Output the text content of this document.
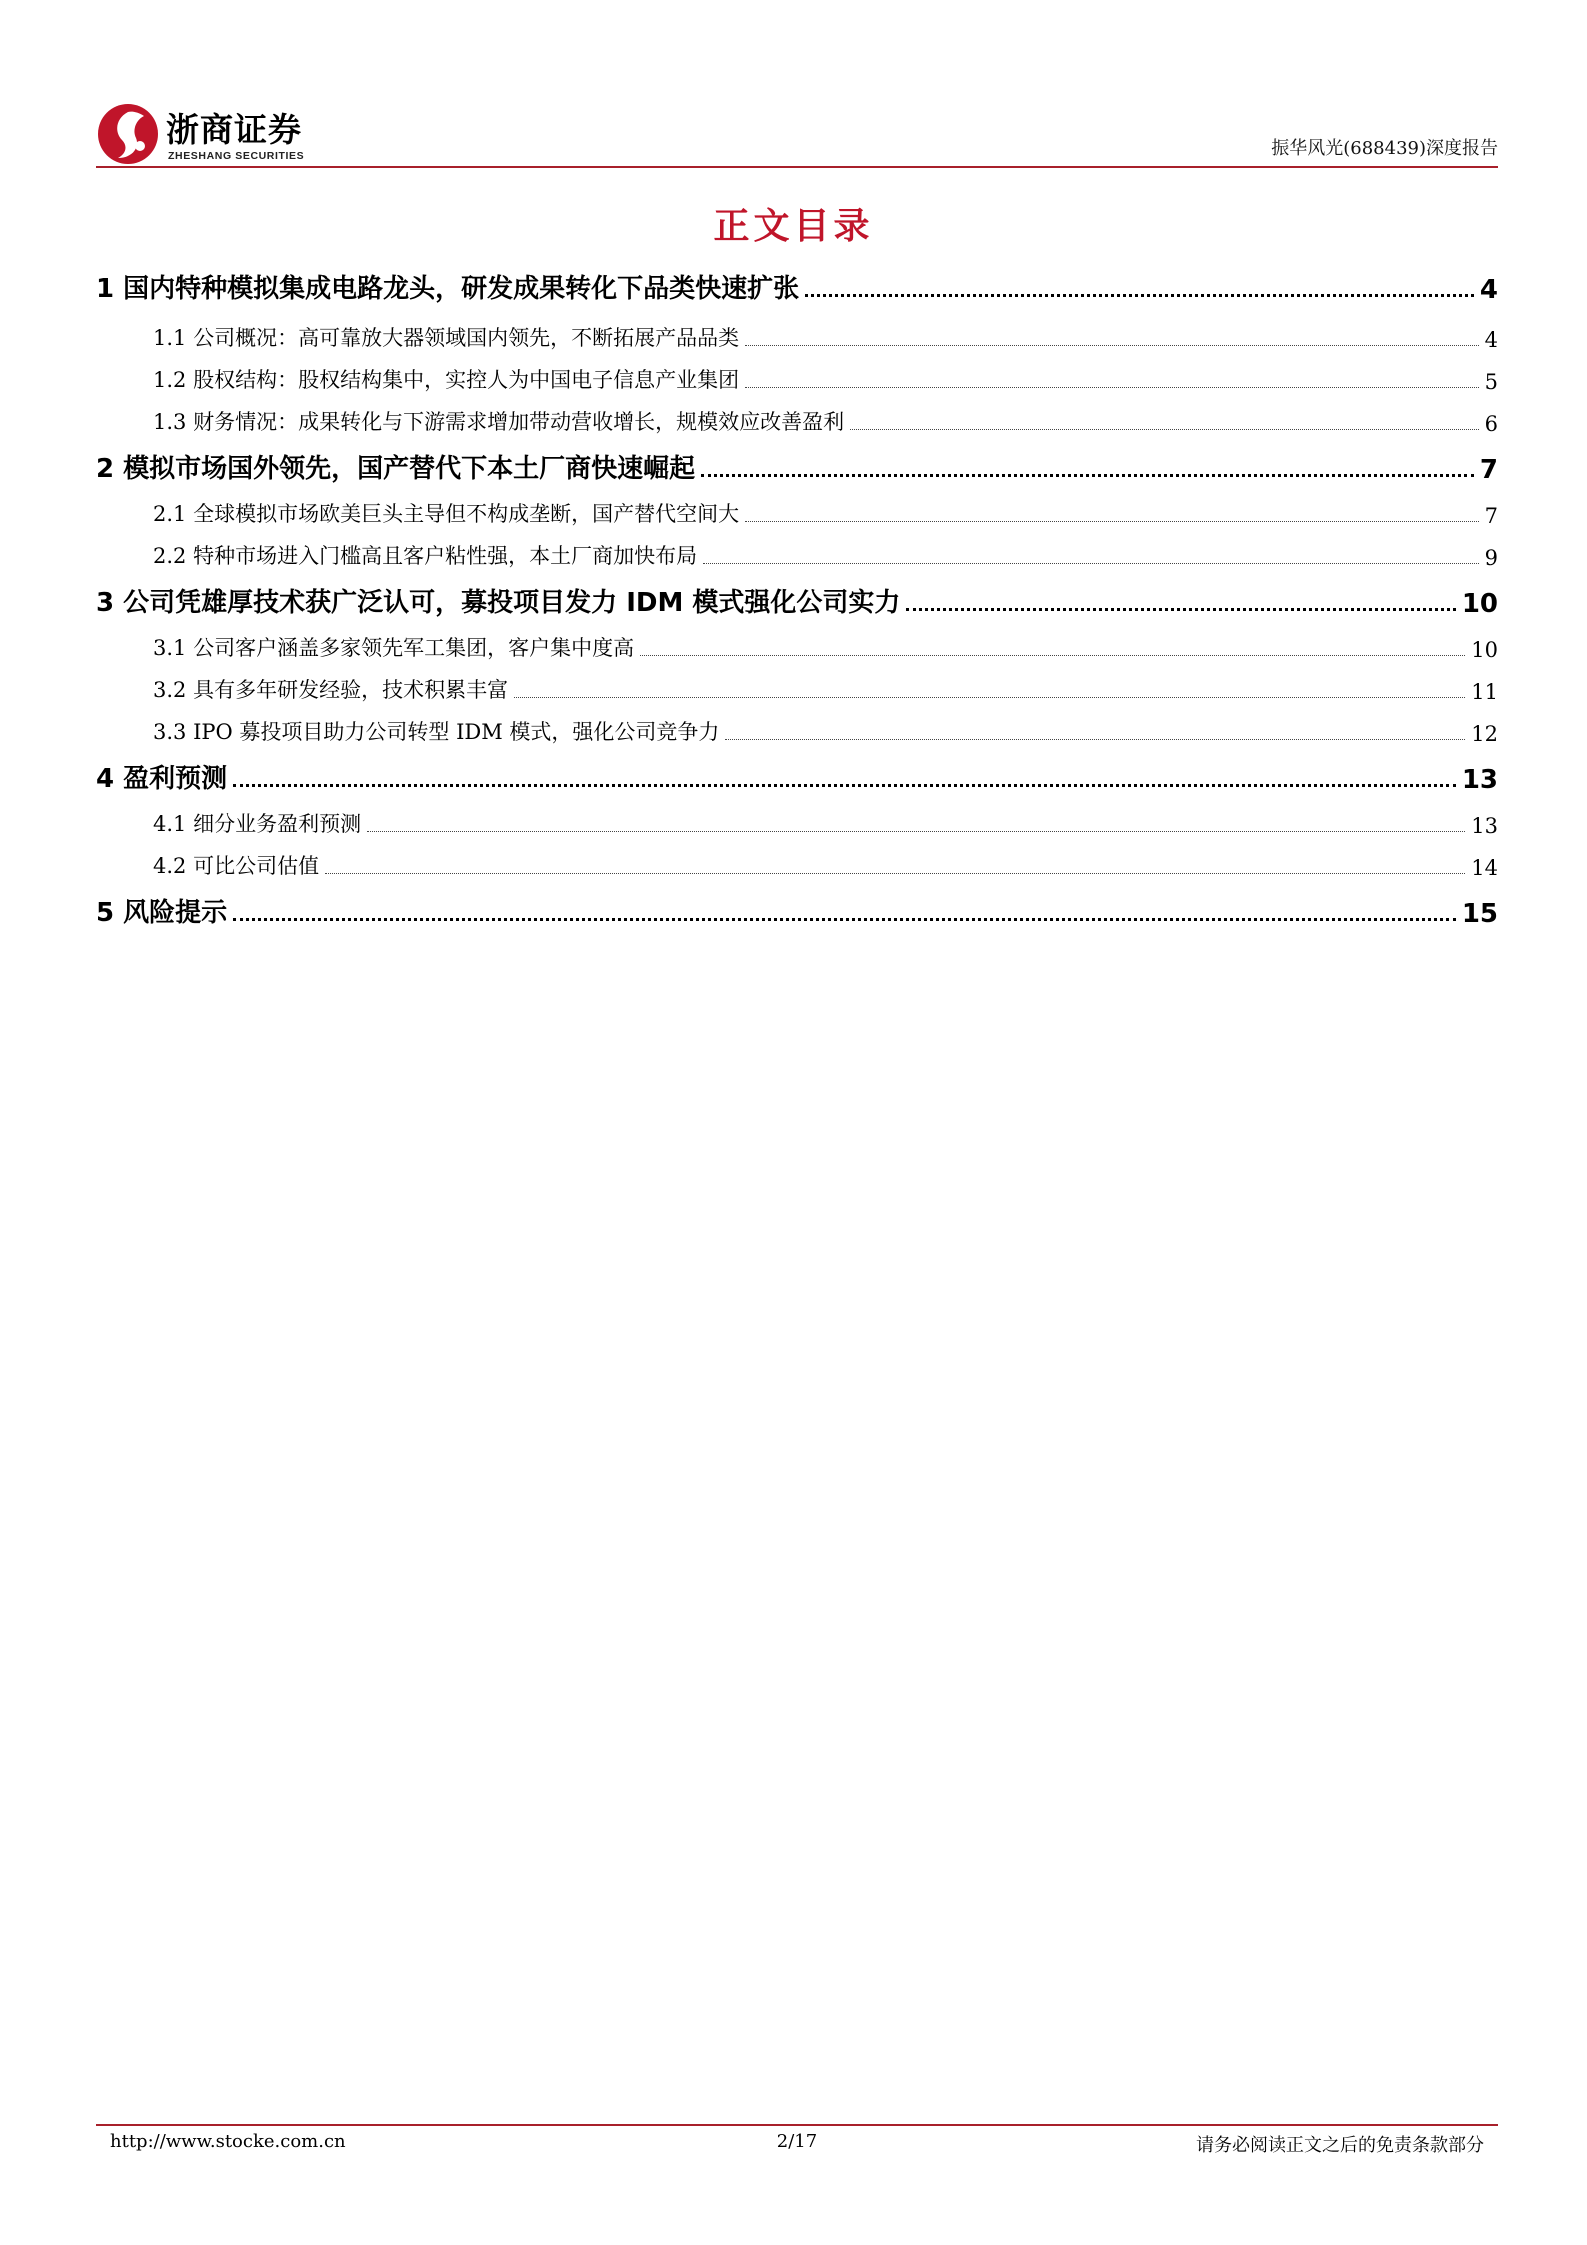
浙商证券
ZHESHANG SECURITIES	振华风光(688439)深度报告
正文目录
1 国内特种模拟集成电路龙头，研发成果转化下品类快速扩张	4
1.1 公司概况：高可靠放大器领域国内领先，不断拓展产品品类	4
1.2 股权结构：股权结构集中，实控人为中国电子信息产业集团	5
1.3 财务情况：成果转化与下游需求增加带动营收增长，规模效应改善盈利	6
2 模拟市场国外领先，国产替代下本土厂商快速崛起	7
2.1 全球模拟市场欧美巨头主导但不构成垄断，国产替代空间大	7
2.2 特种市场进入门槛高且客户粘性强，本土厂商加快布局	9
3 公司凭雄厚技术获广泛认可，募投项目发力 IDM 模式强化公司实力	10
3.1 公司客户涵盖多家领先军工集团，客户集中度高	10
3.2 具有多年研发经验，技术积累丰富	11
3.3 IPO 募投项目助力公司转型 IDM 模式，强化公司竞争力	12
4 盈利预测	13
4.1 细分业务盈利预测	13
4.2 可比公司估值	14
5 风险提示	15
http://www.stocke.com.cn	2/17	请务必阅读正文之后的免责条款部分
